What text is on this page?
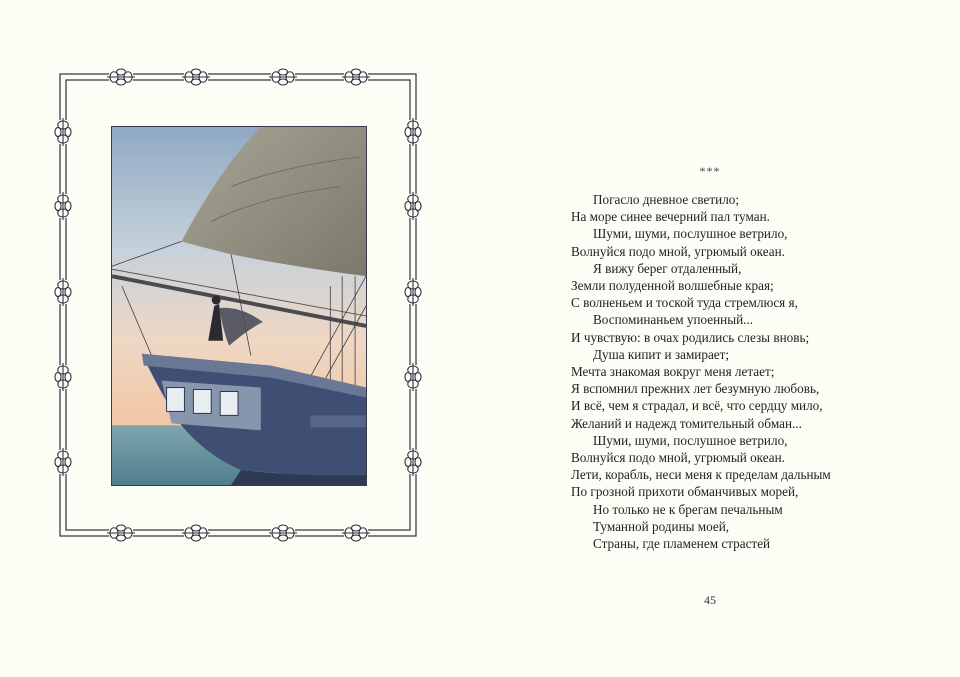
***
Погасло дневное светило;
На море синее вечерний пал туман.
Шуми, шуми, послушное ветрило,
Волнуйся подо мной, угрюмый океан.
Я вижу берег отдаленный,
Земли полуденной волшебные края;
С волненьем и тоской туда стремлюся я,
Воспоминаньем упоенный...
И чувствую: в очах родились слезы вновь;
Душа кипит и замирает;
Мечта знакомая вокруг меня летает;
Я вспомнил прежних лет безумную любовь,
И всё, чем я страдал, и всё, что сердцу мило,
Желаний и надежд томительный обман...
Шуми, шуми, послушное ветрило,
Волнуйся подо мной, угрюмый океан.
Лети, корабль, неси меня к пределам дальным
По грозной прихоти обманчивых морей,
Но только не к брегам печальным
Туманной родины моей,
Страны, где пламенем страстей
45
